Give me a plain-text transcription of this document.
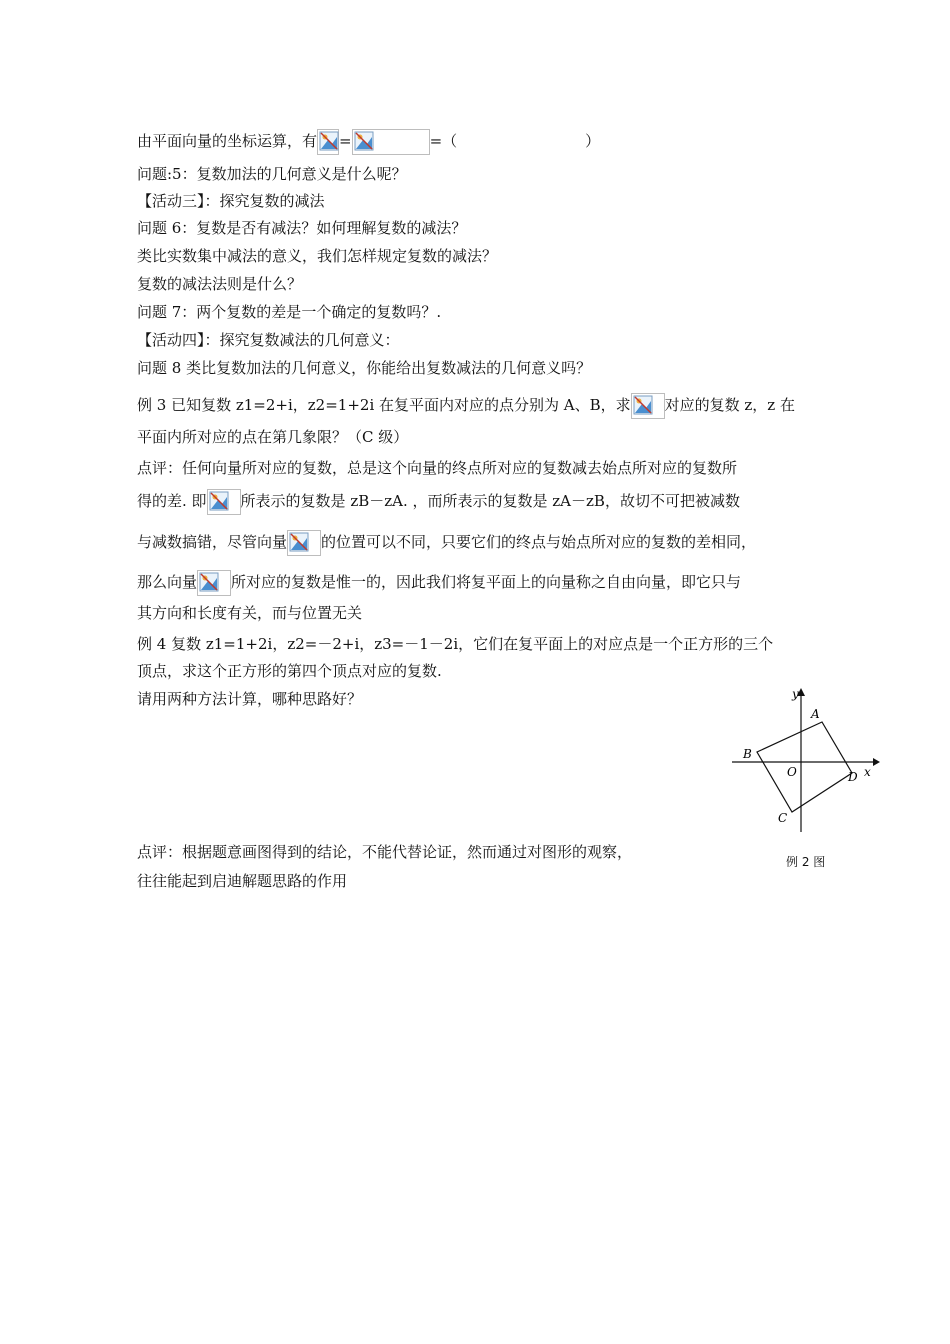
由平面向量的坐标运算，有 =	=（	）
问题:5：复数加法的几何意义是什么呢？
【活动三】：探究复数的减法
问题 6：复数是否有减法？如何理解复数的减法？
类比实数集中减法的意义，我们怎样规定复数的减法？
复数的减法法则是什么？
问题 7：两个复数的差是一个确定的复数吗？.
【活动四】：探究复数减法的几何意义：
问题 8 类比复数加法的几何意义，你能给出复数减法的几何意义吗？
例 3 已知复数 z1=2+i，z2=1+2i 在复平面内对应的点分别为 A、B，求 对应的复数 z，z 在
平面内所对应的点在第几象限？（C 级）
点评：任何向量所对应的复数，总是这个向量的终点所对应的复数减去始点所对应的复数所
得的差. 即 所表示的复数是 zB－zA. ，而所表示的复数是 zA－zB，故切不可把被减数
与减数搞错，尽管向量 的位置可以不同，只要它们的终点与始点所对应的复数的差相同，
那么向量 所对应的复数是惟一的，因此我们将复平面上的向量称之自由向量，即它只与
其方向和长度有关，而与位置无关
例 4 复数 z1=1+2i，z2=－2+i，z3=－1－2i，它们在复平面上的对应点是一个正方形的三个
顶点，求这个正方形的第四个顶点对应的复数.
请用两种方法计算，哪种思路好？	y
x
O
A
B
C
D
点评：根据题意画图得到的结论，不能代替论证，然而通过对图形的观察，
例 2 图
往往能起到启迪解题思路的作用
